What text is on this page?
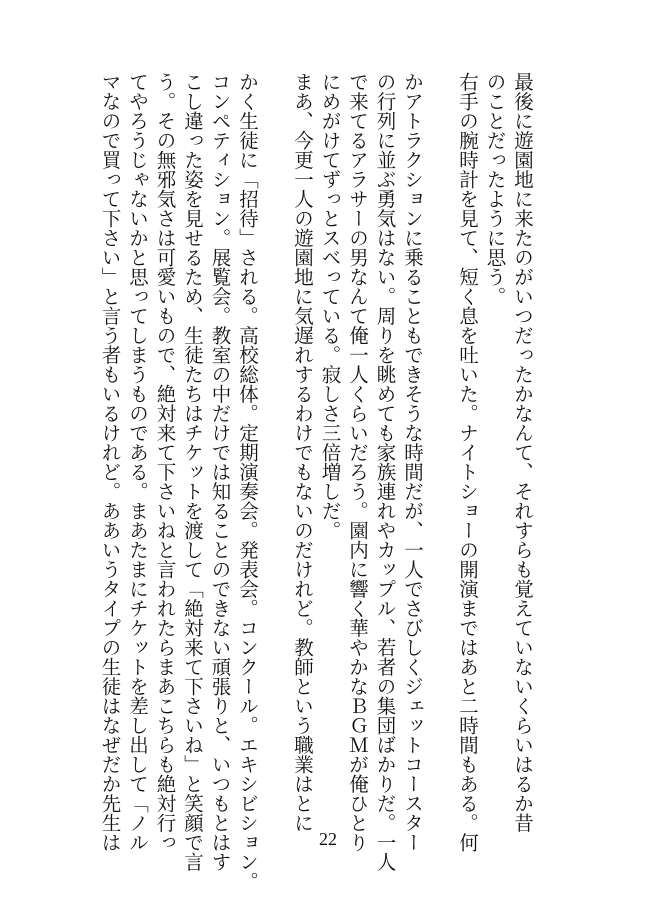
最後に遊園地に来たのがいつだったかなんて、それすらも覚えていないくらいはるか昔

のことだったように思う。

右手の腕時計を見て、短く息を吐いた。ナイトショーの開演まではあと二時間もある。何

かアトラクションに乗ることもできそうな時間だが、一人でさびしくジェットコースター

の行列に並ぶ勇気はない。周りを眺めても家族連れやカップル、若者の集団ばかりだ。一人

で来てるアラサーの男なんて俺一人くらいだろう。園内に響く華やかなＢＧＭが俺ひとり

にめがけてずっとスベっている。寂しさ三倍増しだ。

まあ、今更一人の遊園地に気遅れするわけでもないのだけれど。教師という職業はとに

かく生徒に「招待」される。高校総体。定期演奏会。発表会。コンクール。エキシビション。

コンペティション。展覧会。教室の中だけでは知ることのできない頑張りと、いつもとはす

こし違った姿を見せるため、生徒たちはチケットを渡して「絶対来て下さいね」と笑顔で言

う。その無邪気さは可愛いもので、絶対来て下さいねと言われたらまあこちらも絶対行っ

てやろうじゃないかと思ってしまうものである。まあたまにチケットを差し出して「ノル

マなので買って下さい」と言う者もいるけれど。ああいうタイプの生徒はなぜだか先生は	22
